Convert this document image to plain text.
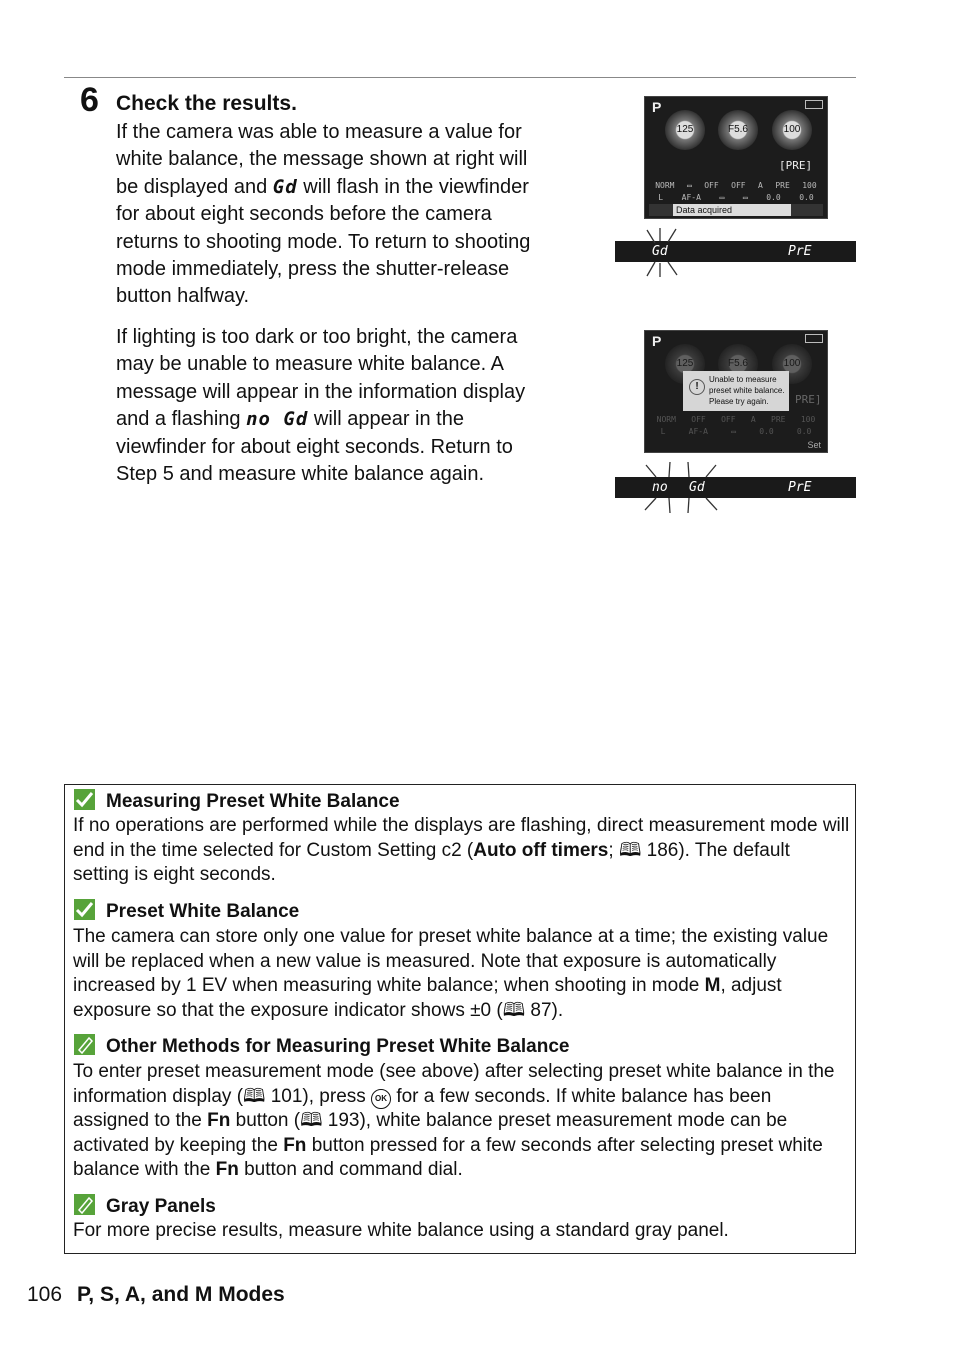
6 Check the results.

If the camera was able to measure a value for white balance, the message shown at right will be displayed and Gd will flash in the viewfinder for about eight seconds before the camera returns to shooting mode. To return to shooting mode immediately, press the shutter-release button halfway.

If lighting is too dark or too bright, the camera may be unable to measure white balance. A message will appear in the information display and a flashing no Gd will appear in the viewfinder for about eight seconds. Return to Step 5 and measure white balance again.

P
125	F5.6	100
[PRE]
NORM ▭ OFF OFF A PRE 100
L AF-A ▭ ▭ 0.0 0.0
Data acquired
P
125	F5.6	100
PRE]
NORM OFF OFF A PRE 100
L	AF-A	▭	0.0	0.0
!
Unable to measure
preset white balance.
Please try again.
Set
Gd	PrE
no Gd	PrE
Measuring Preset White Balance

If no operations are performed while the displays are flashing, direct measurement mode will end in the time selected for Custom Setting c2 (Auto off timers; 🕮 186). The default setting is eight seconds.

Preset White Balance

The camera can store only one value for preset white balance at a time; the existing value will be replaced when a new value is measured. Note that exposure is automatically increased by 1 EV when measuring white balance; when shooting in mode M, adjust exposure so that the exposure indicator shows ±0 (🕮 87).

Other Methods for Measuring Preset White Balance

To enter preset measurement mode (see above) after selecting preset white balance in the information display (🕮 101), press OK for a few seconds. If white balance has been assigned to the Fn button (🕮 193), white balance preset measurement mode can be activated by keeping the Fn button pressed for a few seconds after selecting preset white balance with the Fn button and command dial.

Gray Panels

For more precise results, measure white balance using a standard gray panel.

106 P, S, A, and M Modes
